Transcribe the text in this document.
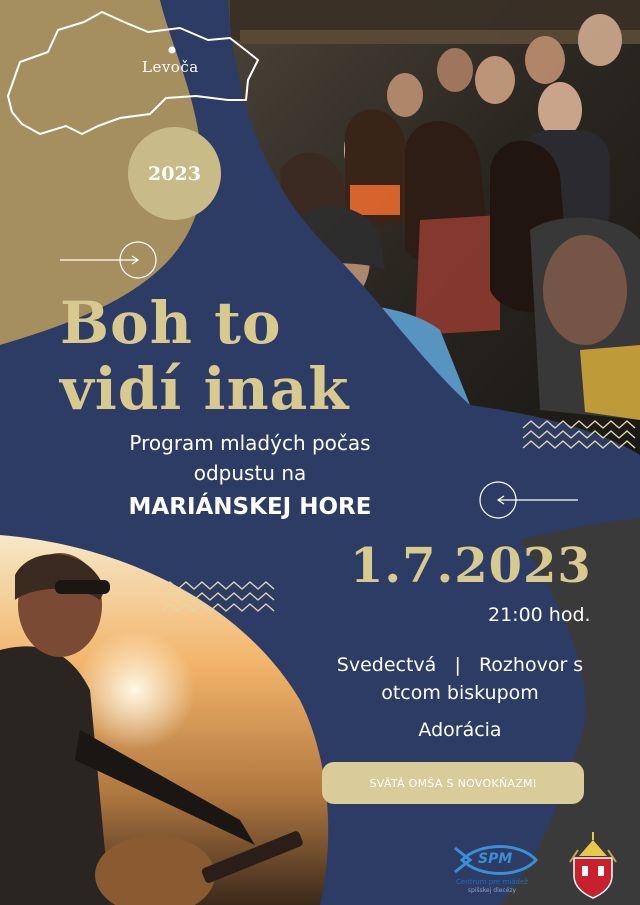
Levoča
2023
Boh to
vidí inak
Program mladých počas
odpustu na
MARIÁNSKEJ HORE
1.7.2023
21:00 hod.
Svedectvá   |   Rozhovor s
otcom biskupom
Adorácia
SVÄTÁ OMŠA S NOVOKŇAZMI
SPM
Centrum pre mládež
spišskej diecézy
